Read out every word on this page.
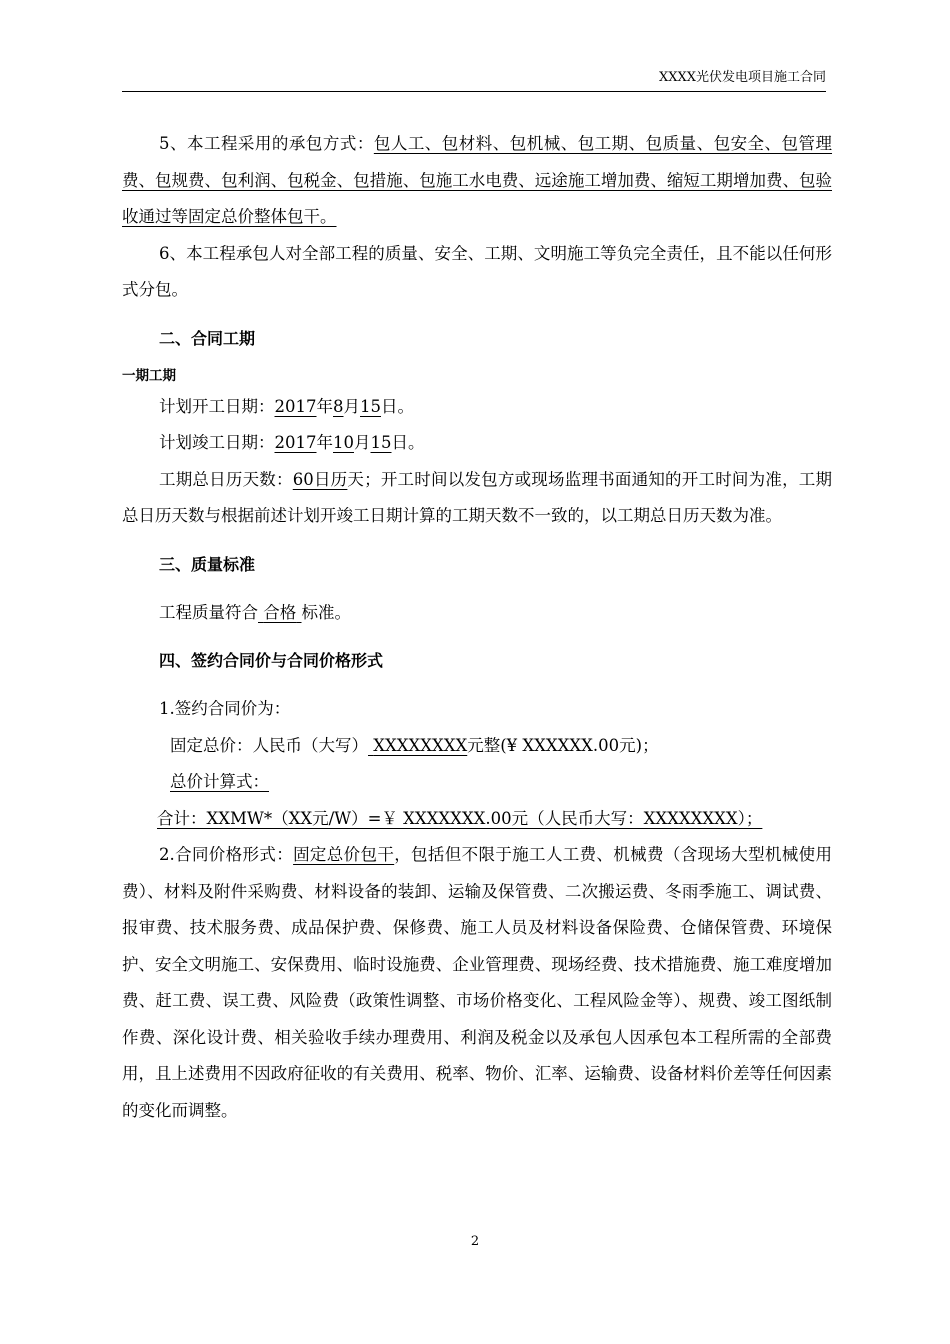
XXXX光伏发电项目施工合同

5、本工程采用的承包方式：包人工、包材料、包机械、包工期、包质量、包安全、包管理费、包规费、包利润、包税金、包措施、包施工水电费、远途施工增加费、缩短工期增加费、包验收通过等固定总价整体包干。

6、本工程承包人对全部工程的质量、安全、工期、文明施工等负完全责任，且不能以任何形式分包。

二、合同工期

一期工期

计划开工日期：2017年8月15日。

计划竣工日期：2017年10月15日。

工期总日历天数：60日历天；开工时间以发包方或现场监理书面通知的开工时间为准，工期总日历天数与根据前述计划开竣工日期计算的工期天数不一致的，以工期总日历天数为准。

三、质量标准

工程质量符合 合格 标准。

四、签约合同价与合同价格形式

1.签约合同价为：

固定总价：人民币（大写） XXXXXXXX元整(¥ XXXXXX.00元)；

总价计算式：

合计：XXMW*（XX元/W）=￥ XXXXXXX.00元（人民币大写：XXXXXXXX）；

2.合同价格形式：固定总价包干，包括但不限于施工人工费、机械费（含现场大型机械使用费）、材料及附件采购费、材料设备的装卸、运输及保管费、二次搬运费、冬雨季施工、调试费、报审费、技术服务费、成品保护费、保修费、施工人员及材料设备保险费、仓储保管费、环境保护、安全文明施工、安保费用、临时设施费、企业管理费、现场经费、技术措施费、施工难度增加费、赶工费、误工费、风险费（政策性调整、市场价格变化、工程风险金等）、规费、竣工图纸制作费、深化设计费、相关验收手续办理费用、利润及税金以及承包人因承包本工程所需的全部费用，且上述费用不因政府征收的有关费用、税率、物价、汇率、运输费、设备材料价差等任何因素的变化而调整。

2
